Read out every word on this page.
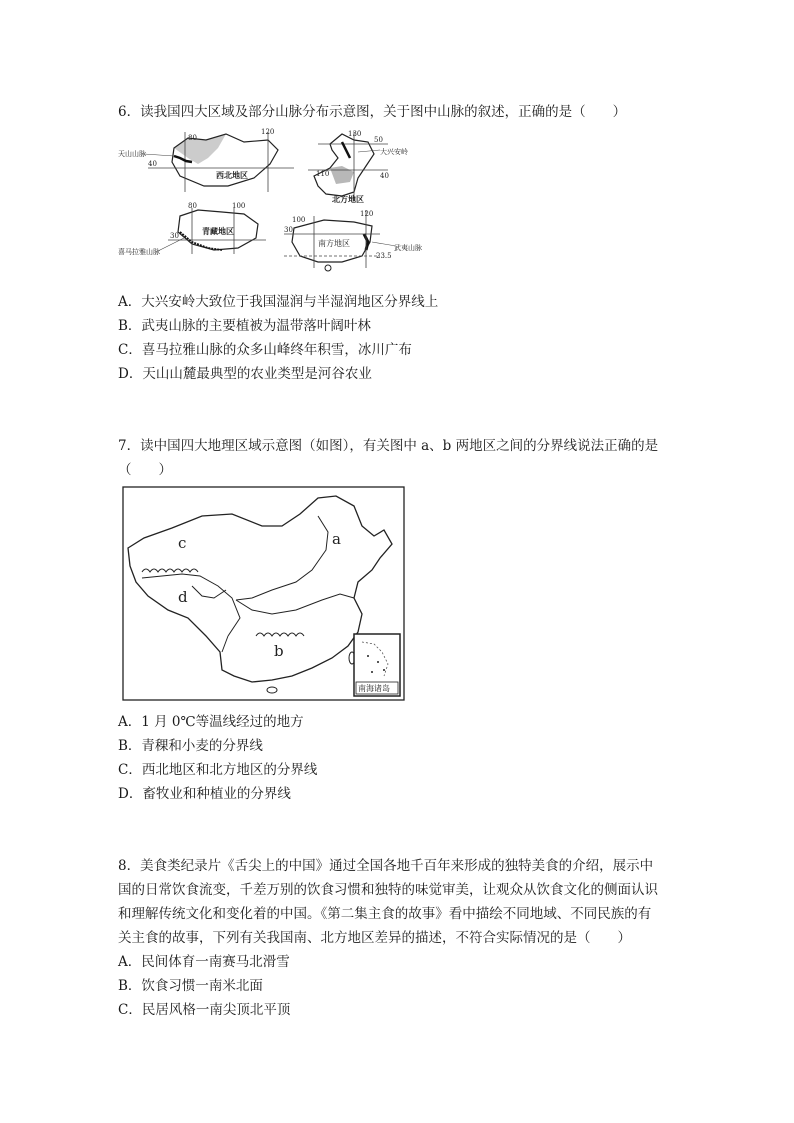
6．读我国四大区域及部分山脉分布示意图，关于图中山脉的叙述，正确的是（　　）
天山山脉
80
120
40
西北地区
大兴安岭
130
110
50
40
北方地区
喜马拉雅山脉
80	100
30	青藏地区
武夷山脉
120
100
30
23.5
南方地区
A．大兴安岭大致位于我国湿润与半湿润地区分界线上
B．武夷山脉的主要植被为温带落叶阔叶林
C．喜马拉雅山脉的众多山峰终年积雪，冰川广布
D．天山山麓最典型的农业类型是河谷农业
7．读中国四大地理区域示意图（如图），有关图中 a、b 两地区之间的分界线说法正确的是
（　　）
a
b
c
d
南海诸岛
A．1 月 0℃等温线经过的地方
B．青稞和小麦的分界线
C．西北地区和北方地区的分界线
D．畜牧业和种植业的分界线
8．美食类纪录片《舌尖上的中国》通过全国各地千百年来形成的独特美食的介绍，展示中
国的日常饮食流变，千差万别的饮食习惯和独特的味觉审美，让观众从饮食文化的侧面认识
和理解传统文化和变化着的中国。《第二集主食的故事》看中描绘不同地域、不同民族的有
关主食的故事，下列有关我国南、北方地区差异的描述，不符合实际情况的是（　　）
A．民间体育一南赛马北滑雪
B．饮食习惯一南米北面
C．民居风格一南尖顶北平顶
